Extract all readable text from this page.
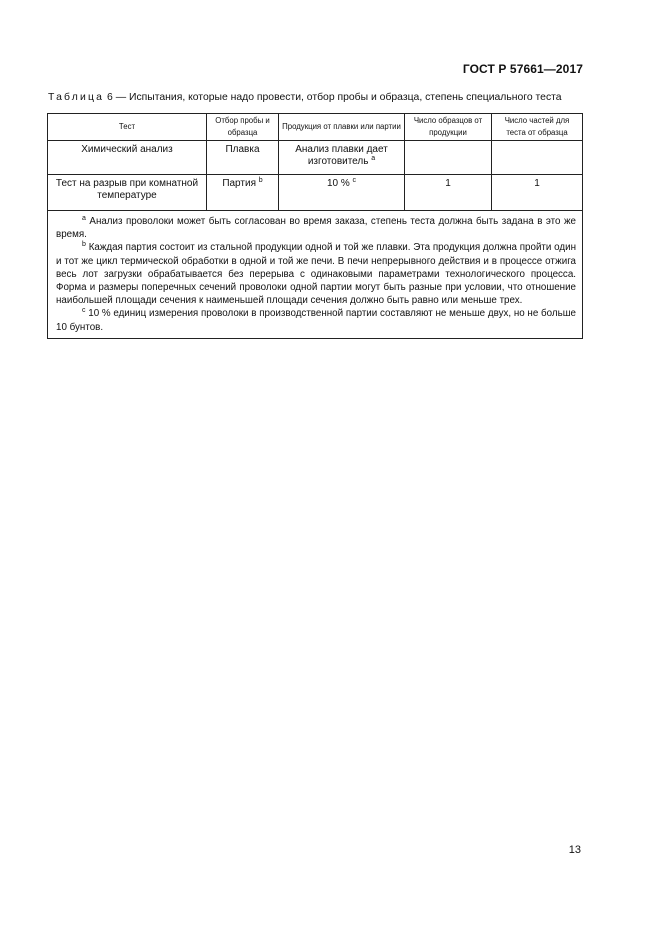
ГОСТ Р 57661—2017
Таблица 6 — Испытания, которые надо провести, отбор пробы и образца, степень специального теста
Тест	Отбор пробы и образца	Продукция от плавки или партии	Число образцов от продукции	Число частей для теста от образца
Химический анализ	Плавка	Анализ плавки дает изготовитель $^а$		
Тест на разрыв при комнатной температуре	Партия $^b$	10 % $^c$	1	1

$^а$ Анализ проволоки может быть согласован во время заказа, степень теста должна быть задана в это же время.

$^b$ Каждая партия состоит из стальной продукции одной и той же плавки. Эта продукция должна пройти один и тот же цикл термической обработки в одной и той же печи. В печи непрерывного действия и в процессе отжига весь лот загрузки обрабатывается без перерыва с одинаковыми параметрами технологического процесса. Форма и размеры поперечных сечений проволоки одной партии могут быть разные при условии, что отношение наибольшей площади сечения к наименьшей площади сечения должно быть равно или меньше трех.

$^с$ 10 % единиц измерения проволоки в производственной партии составляют не меньше двух, но не больше 10 бунтов.				

13
